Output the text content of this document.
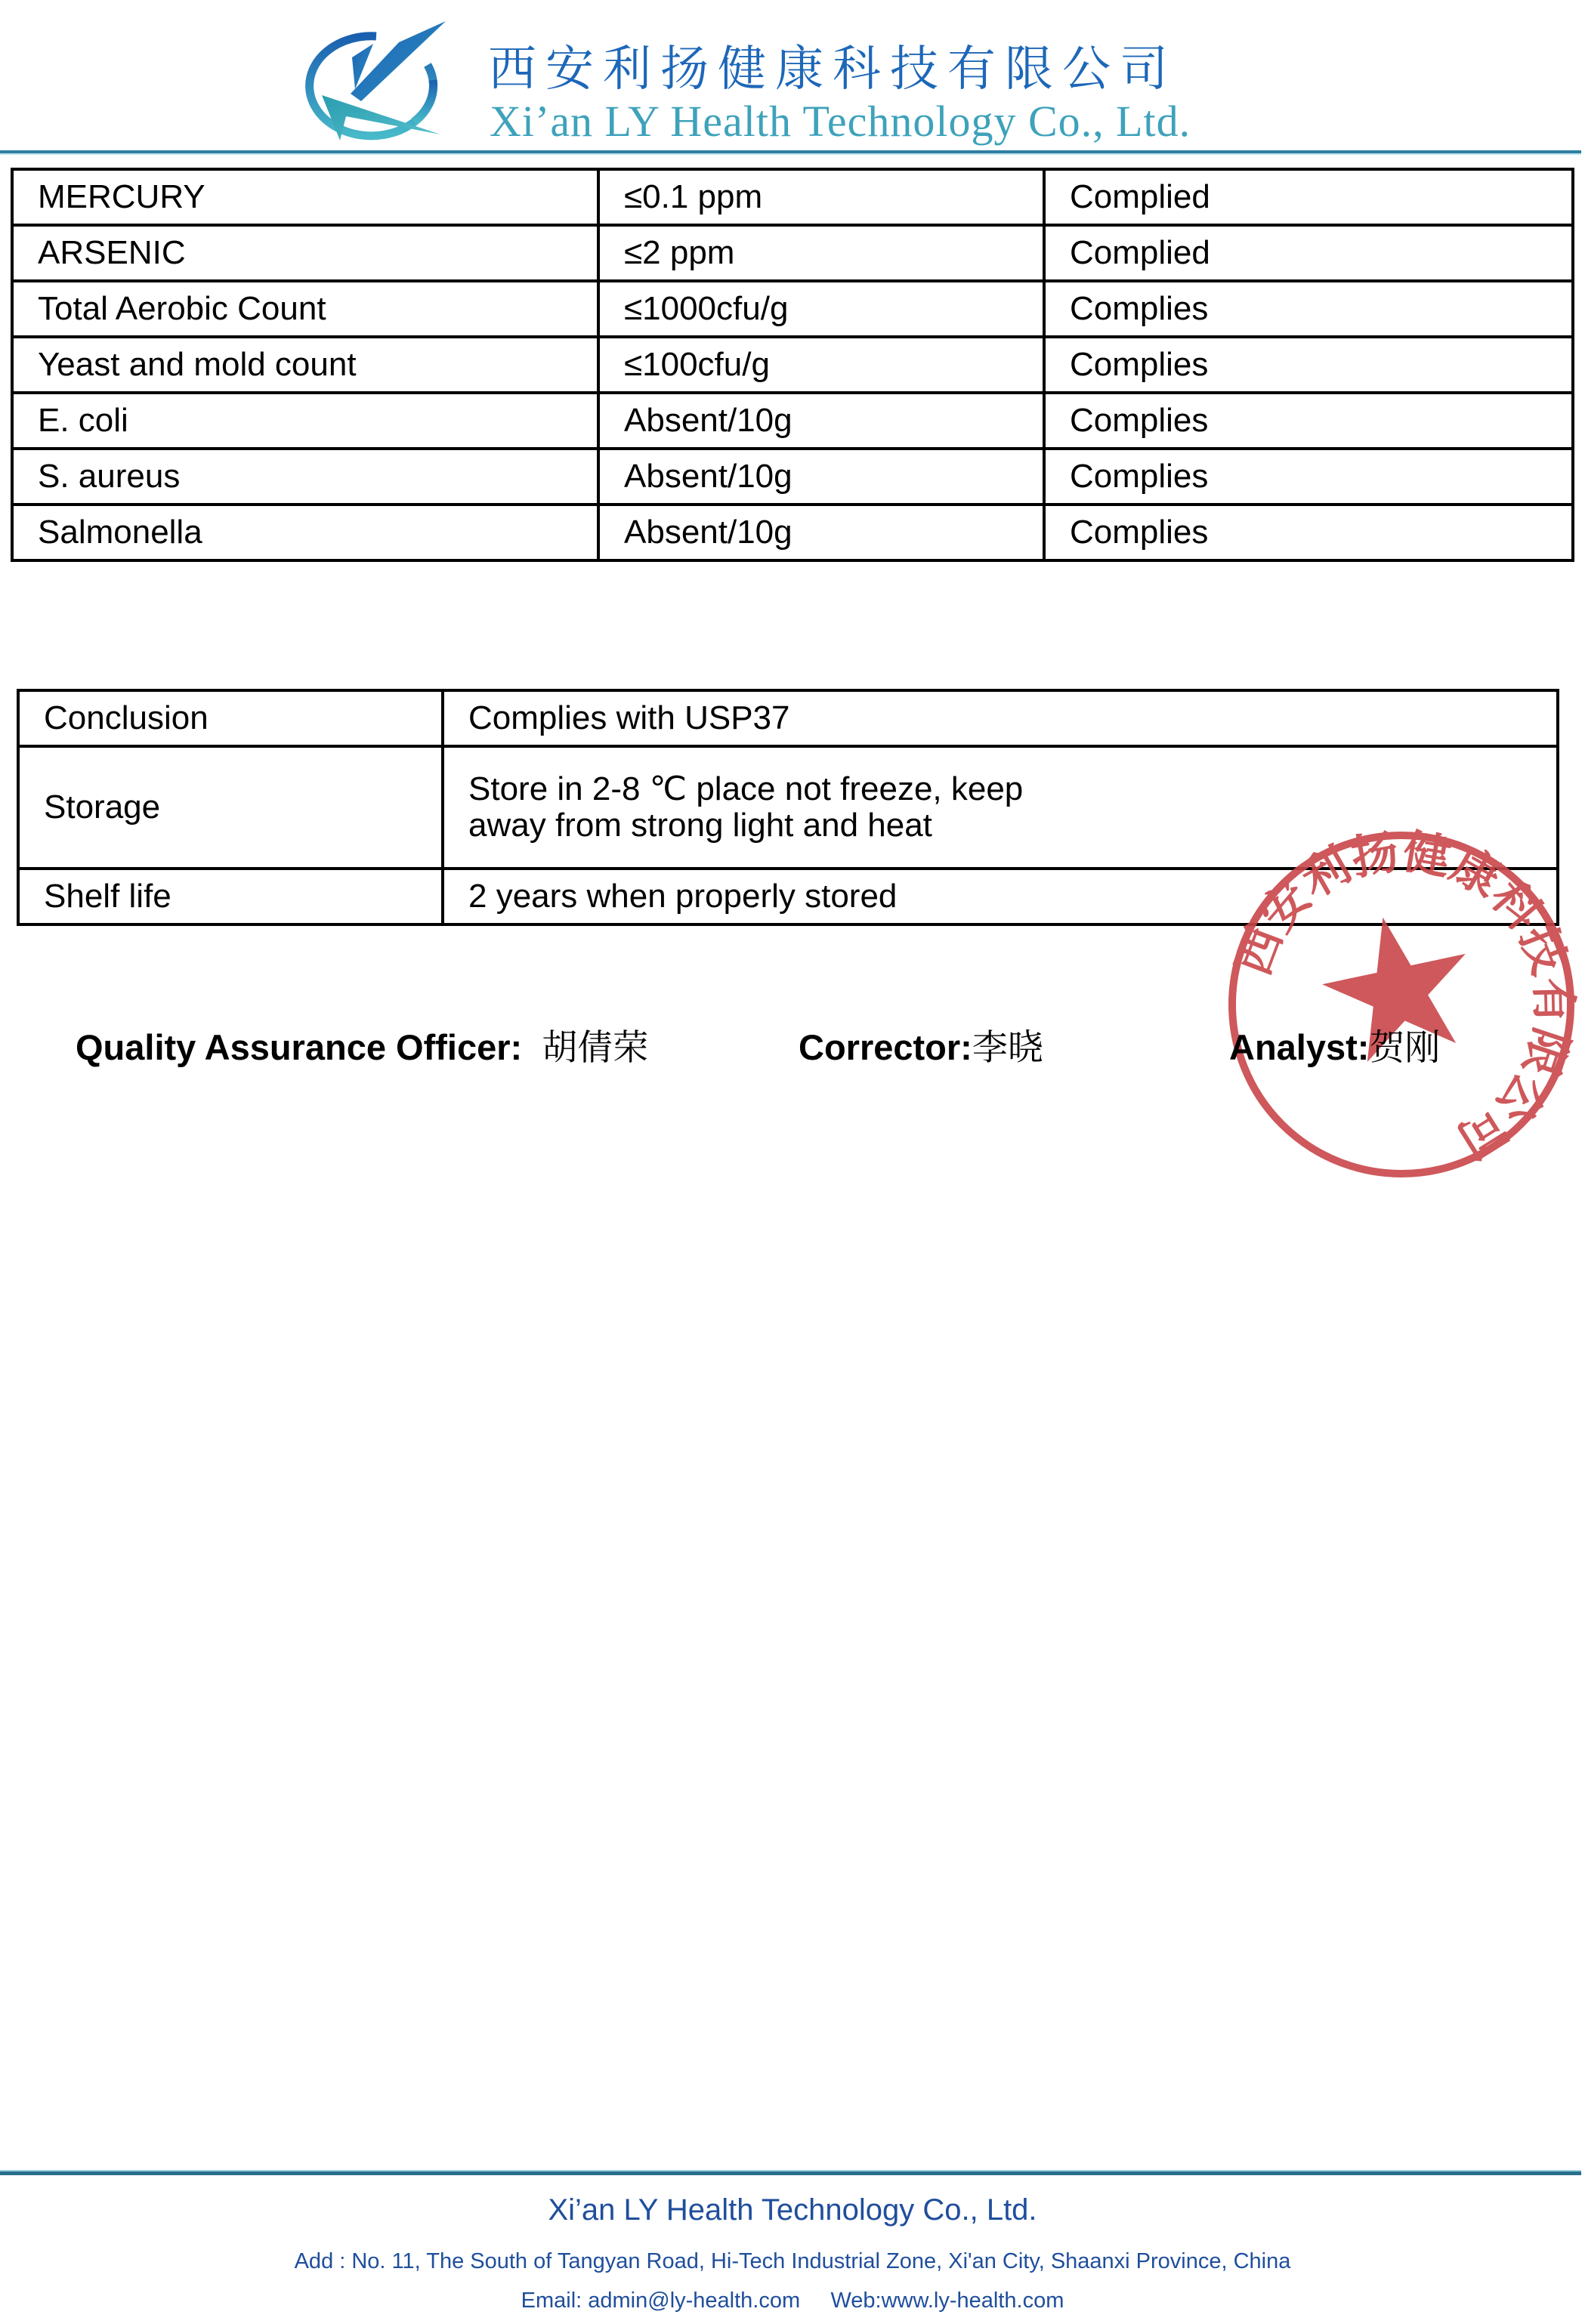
西安利扬健康科技有限公司
Xi’an LY Health Technology Co., Ltd.
MERCURY	≤0.1 ppm	Complied
ARSENIC	≤2 ppm	Complied
Total Aerobic Count	≤1000cfu/g	Complies
Yeast and mold count	≤100cfu/g	Complies
E. coli	Absent/10g	Complies
S. aureus	Absent/10g	Complies
Salmonella	Absent/10g	Complies
Conclusion	Complies with USP37
Storage	Store in 2-8 ℃ place not freeze, keep away from strong light and heat
Shelf life	2 years when properly stored
西安利扬健康科技有限公司
Quality Assurance Officer: 胡倩荣	Corrector:李晓	Analyst:贺刚
Xi’an LY Health Technology Co., Ltd.
Add : No. 11, The South of Tangyan Road, Hi-Tech Industrial Zone, Xi'an City, Shaanxi Province, China
Email: admin@ly-health.com Web:www.ly-health.com
